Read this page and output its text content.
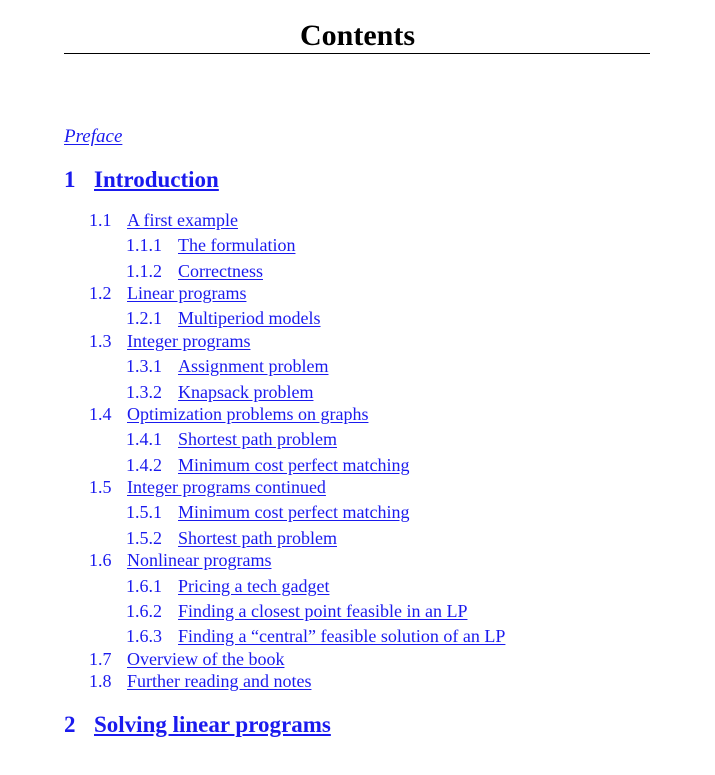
Contents
Preface
1 Introduction
1.1 A first example
1.1.1 The formulation
1.1.2 Correctness
1.2 Linear programs
1.2.1 Multiperiod models
1.3 Integer programs
1.3.1 Assignment problem
1.3.2 Knapsack problem
1.4 Optimization problems on graphs
1.4.1 Shortest path problem
1.4.2 Minimum cost perfect matching
1.5 Integer programs continued
1.5.1 Minimum cost perfect matching
1.5.2 Shortest path problem
1.6 Nonlinear programs
1.6.1 Pricing a tech gadget
1.6.2 Finding a closest point feasible in an LP
1.6.3 Finding a “central” feasible solution of an LP
1.7 Overview of the book
1.8 Further reading and notes
2 Solving linear programs
